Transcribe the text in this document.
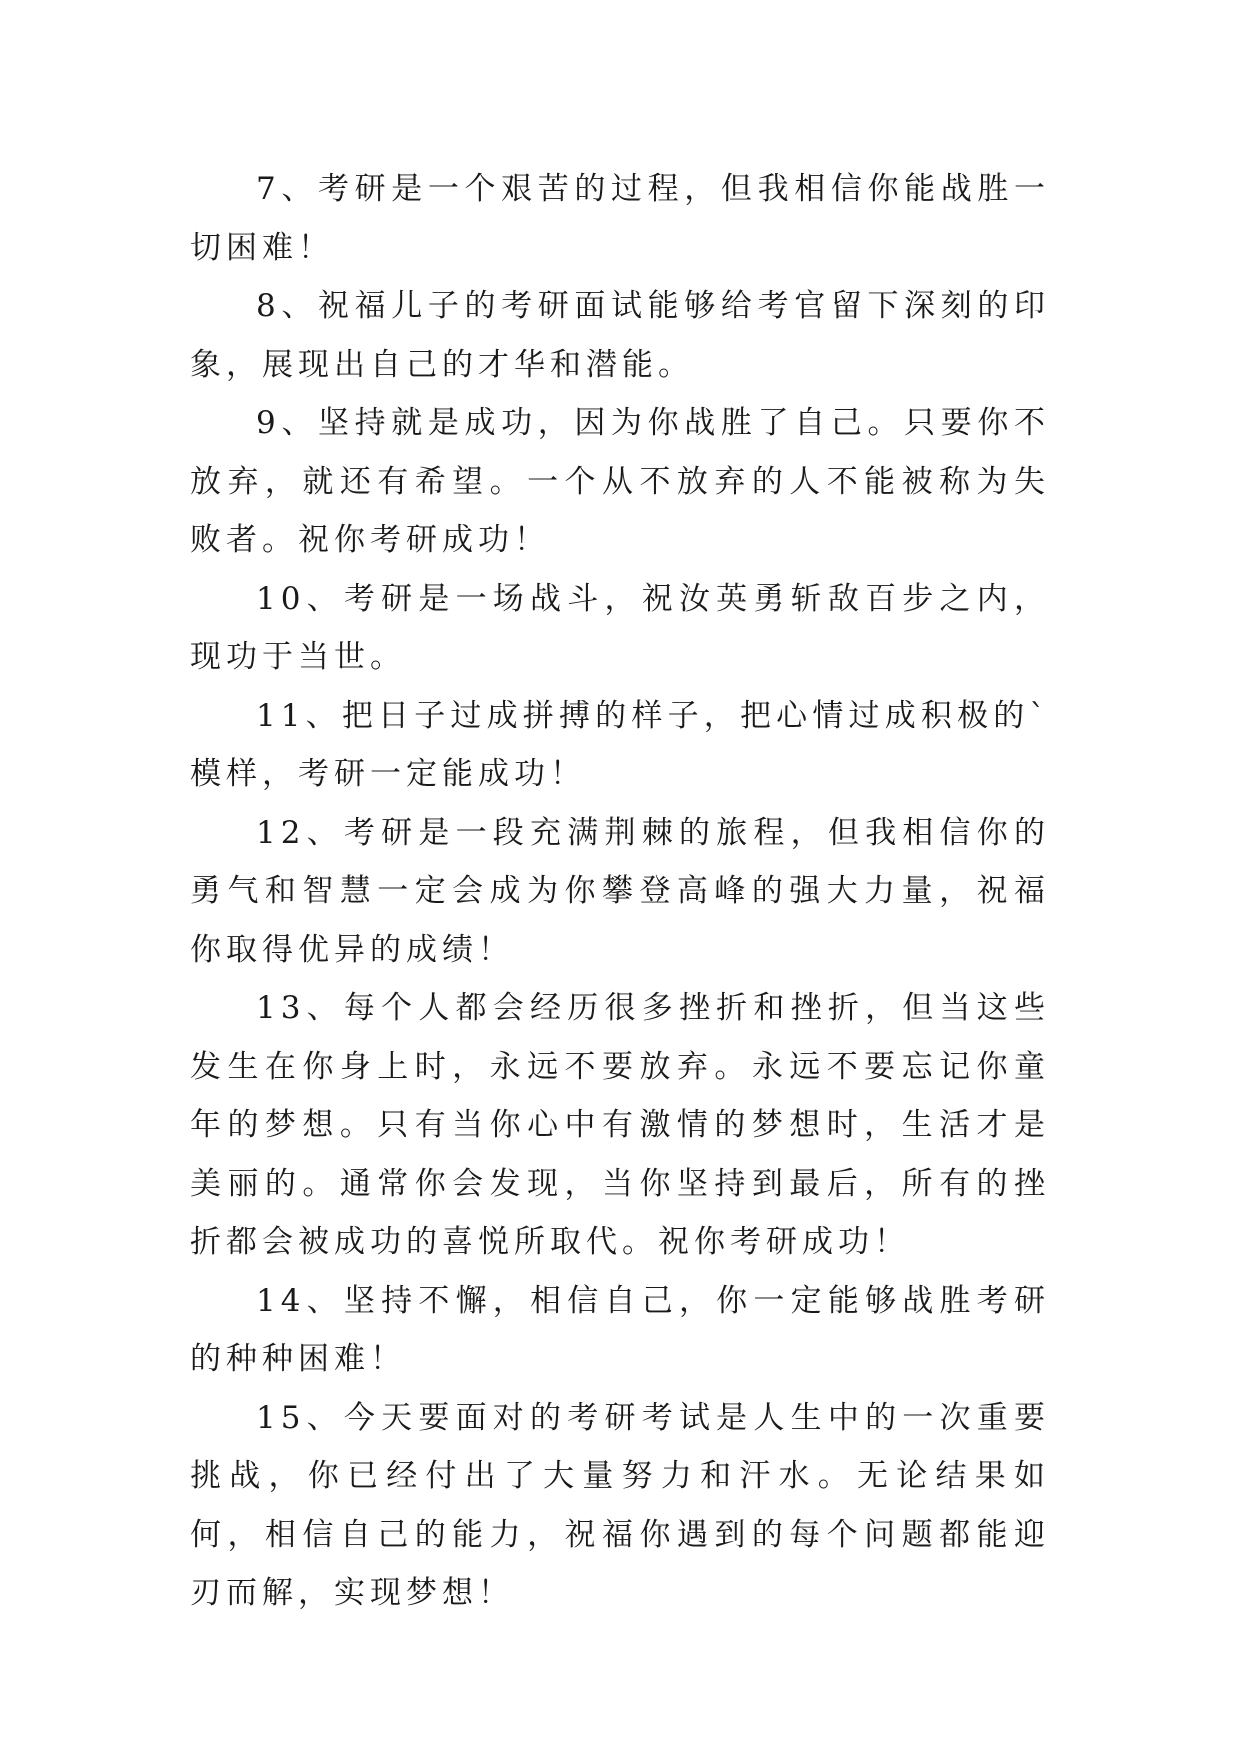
7、考研是一个艰苦的过程，但我相信你能战胜一切困难！

8、祝福儿子的考研面试能够给考官留下深刻的印象，展现出自己的才华和潜能。

9、坚持就是成功，因为你战胜了自己。只要你不放弃，就还有希望。一个从不放弃的人不能被称为失败者。祝你考研成功！

10、考研是一场战斗，祝汝英勇斩敌百步之内，现功于当世。

11、把日子过成拼搏的样子，把心情过成积极的`模样，考研一定能成功！

12、考研是一段充满荆棘的旅程，但我相信你的勇气和智慧一定会成为你攀登高峰的强大力量，祝福你取得优异的成绩！

13、每个人都会经历很多挫折和挫折，但当这些发生在你身上时，永远不要放弃。永远不要忘记你童年的梦想。只有当你心中有激情的梦想时，生活才是美丽的。通常你会发现，当你坚持到最后，所有的挫折都会被成功的喜悦所取代。祝你考研成功！

14、坚持不懈，相信自己，你一定能够战胜考研的种种困难！

15、今天要面对的考研考试是人生中的一次重要挑战，你已经付出了大量努力和汗水。无论结果如何，相信自己的能力，祝福你遇到的每个问题都能迎刃而解，实现梦想！
